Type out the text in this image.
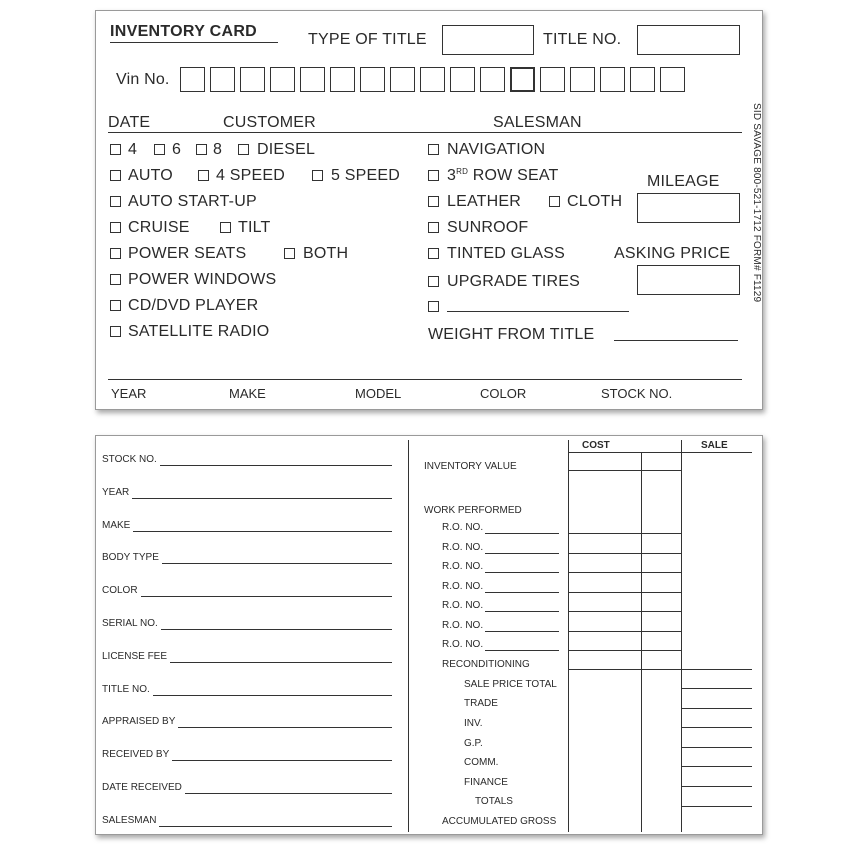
INVENTORY CARD	TYPE OF TITLE	TITLE NO.
Vin No.
DATE	CUSTOMER	SALESMAN
4 6 8 DIESEL
AUTO	4 SPEED	5 SPEED
AUTO START-UP
CRUISE	TILT
POWER SEATS	BOTH
POWER WINDOWS
CD/DVD PLAYER
SATELLITE RADIO
NAVIGATION
3RD ROW SEAT
LEATHER	CLOTH
SUNROOF
TINTED GLASS
UPGRADE TIRES
WEIGHT FROM TITLE
MILEAGE
ASKING PRICE
YEAR	MAKE	MODEL	COLOR	STOCK NO.
SID SAVAGE 800-521-1712 FORM# F1129
STOCK NO.
YEAR
MAKE
BODY TYPE
COLOR
SERIAL NO.
LICENSE FEE
TITLE NO.
APPRAISED BY
RECEIVED BY
DATE RECEIVED
SALESMAN
COST	SALE
INVENTORY VALUE
WORK PERFORMED
R.O. NO.
R.O. NO.
R.O. NO.
R.O. NO.
R.O. NO.
R.O. NO.
R.O. NO.
RECONDITIONING
SALE PRICE TOTAL
TRADE
INV.
G.P.
COMM.
FINANCE
TOTALS
ACCUMULATED GROSS
